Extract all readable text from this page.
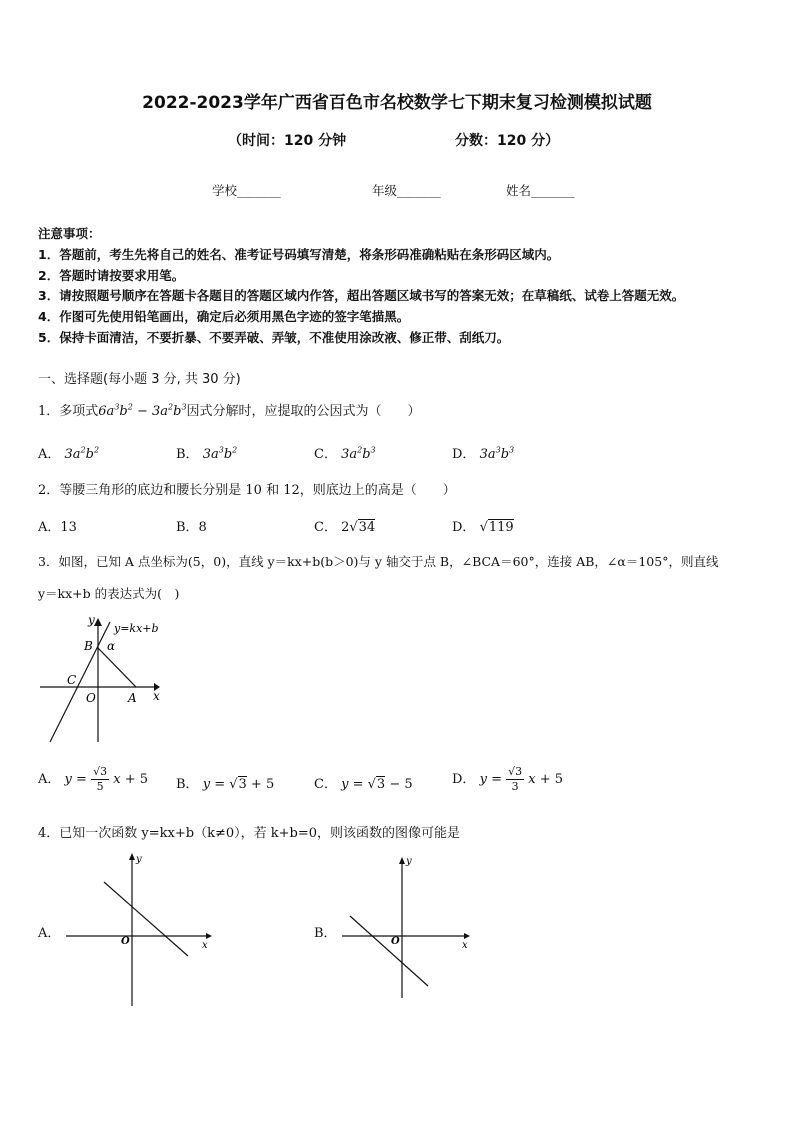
2022-2023学年广西省百色市名校数学七下期末复习检测模拟试题
（时间：120 分钟	分数：120 分）
学校_______	年级_______	姓名_______
注意事项：
1．答题前，考生先将自己的姓名、准考证号码填写清楚，将条形码准确粘贴在条形码区域内。
2．答题时请按要求用笔。
3．请按照题号顺序在答题卡各题目的答题区域内作答，超出答题区域书写的答案无效；在草稿纸、试卷上答题无效。
4．作图可先使用铅笔画出，确定后必须用黑色字迹的签字笔描黑。
5．保持卡面清洁，不要折暴、不要弄破、弄皱，不准使用涂改液、修正带、刮纸刀。
一、选择题(每小题 3 分, 共 30 分)
1．多项式$6a^3b^2 - 3a^2b^3$因式分解时，应提取的公因式为（　　）
A． $3a^2b^2$	B． $3a^3b^2$	C． $3a^2b^3$	D． $3a^3b^3$
2．等腰三角形的底边和腰长分别是 10 和 12，则底边上的高是（　　）
A．13	B．8	C． 2√34	D． √119
3．如图，已知 A 点坐标为(5，0)，直线 y＝kx+b(b＞0)与 y 轴交于点 B，∠BCA＝60°，连接 AB，∠α＝105°，则直线
y＝kx+b 的表达式为(　)
y
x
y=kx+b
B α
C
O	A
A． $y = \frac{√3}{5}$ x + 5 B． y = √3 + 5	C． y = √3 − 5	D． $y = \frac{√3}{3}$ x + 5
4．已知一次函数 y=kx+b（k≠0），若 k+b=0，则该函数的图像可能是
A．
y
x
O
B．
y
x
O
